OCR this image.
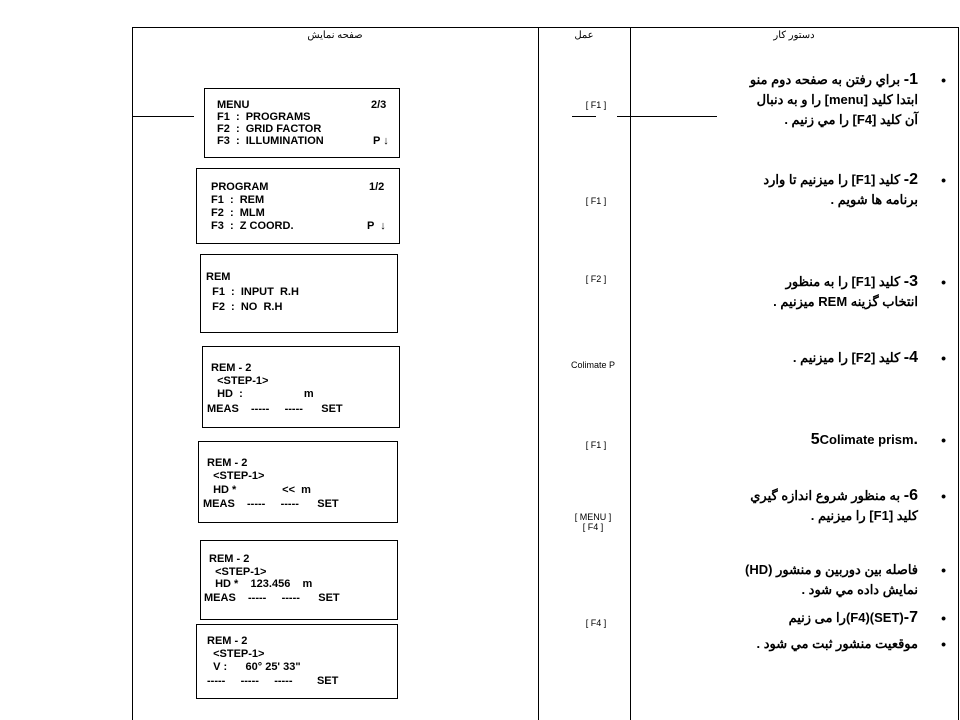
صفحه نمایش	عمل	دستور کار
MENU
F1  :  PROGRAMS
F2  :  GRID FACTOR
F3  :  ILLUMINATION
2/3
P ↓
PROGRAM
F1  :  REM
F2  :  MLM
F3  :  Z COORD.
1/2
P  ↓
REM
F1  :  INPUT  R.H
F2  :  NO  R.H
REM - 2
<STEP-1>
HD  :                    m
MEAS    -----     -----      SET
REM - 2
<STEP-1>
HD *               <<  m
MEAS    -----     -----      SET
REM - 2
<STEP-1>
HD *    123.456    m
MEAS    -----     -----      SET
REM - 2
<STEP-1>
V :      60° 25' 33"
-----     -----     -----        SET
[ F1 ]
[ F1 ]
[ F2 ]
Colimate P
[ F1 ]
[ MENU ]
[ F4 ]
[ F4 ]
•
1- براي رفتن به صفحه دوم منو
ابتدا كليد [menu] را و به دنبال
آن كليد [F4] را مي زنيم .
•
2- كليد [F1] را ميزنيم تا وارد
برنامه ها شويم .
•
3- كليد [F1] را به منظور
انتخاب گزينه REM ميزنيم .
•
4- كليد [F2] را ميزنيم .
•
.5Colimate prism
•
6- به منظور شروع اندازه گيري
كليد [F1] را ميزنيم .
•
فاصله بين دوربين و منشور (HD)
نمايش داده مي شود .
•
7-(SET)(F4)را می زنیم
•
موقعيت منشور ثبت مي شود .
